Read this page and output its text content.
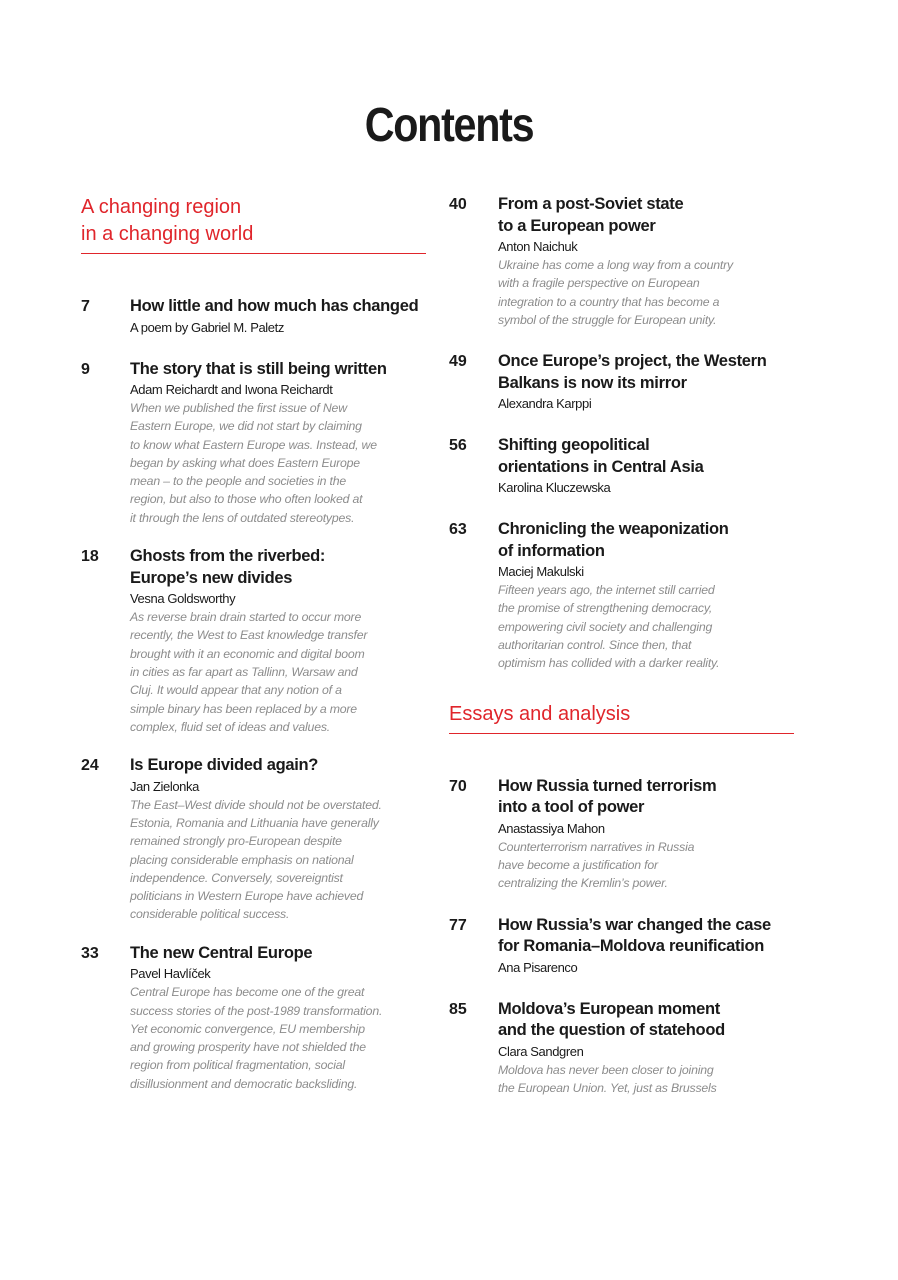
Contents
A changing region
in a changing world
7 How little and how much has changed
A poem by Gabriel M. Paletz
9 The story that is still being written
Adam Reichardt and Iwona Reichardt
When we published the first issue of New
Eastern Europe, we did not start by claiming
to know what Eastern Europe was. Instead, we
began by asking what does Eastern Europe
mean – to the people and societies in the
region, but also to those who often looked at
it through the lens of outdated stereotypes.
18 Ghosts from the riverbed:
Europe’s new divides
Vesna Goldsworthy
As reverse brain drain started to occur more
recently, the West to East knowledge transfer
brought with it an economic and digital boom
in cities as far apart as Tallinn, Warsaw and
Cluj. It would appear that any notion of a
simple binary has been replaced by a more
complex, fluid set of ideas and values.
24 Is Europe divided again?
Jan Zielonka
The East–West divide should not be overstated.
Estonia, Romania and Lithuania have generally
remained strongly pro-European despite
placing considerable emphasis on national
independence. Conversely, sovereigntist
politicians in Western Europe have achieved
considerable political success.
33 The new Central Europe
Pavel Havlíček
Central Europe has become one of the great
success stories of the post-1989 transformation.
Yet economic convergence, EU membership
and growing prosperity have not shielded the
region from political fragmentation, social
disillusionment and democratic backsliding.
40 From a post-Soviet state
to a European power
Anton Naichuk
Ukraine has come a long way from a country
with a fragile perspective on European
integration to a country that has become a
symbol of the struggle for European unity.
49 Once Europe’s project, the Western
Balkans is now its mirror
Alexandra Karppi
56 Shifting geopolitical
orientations in Central Asia
Karolina Kluczewska
63 Chronicling the weaponization
of information
Maciej Makulski
Fifteen years ago, the internet still carried
the promise of strengthening democracy,
empowering civil society and challenging
authoritarian control. Since then, that
optimism has collided with a darker reality.
Essays and analysis
70 How Russia turned terrorism
into a tool of power
Anastassiya Mahon
Counterterrorism narratives in Russia
have become a justification for
centralizing the Kremlin’s power.
77 How Russia’s war changed the case
for Romania–Moldova reunification
Ana Pisarenco
85 Moldova’s European moment
and the question of statehood
Clara Sandgren
Moldova has never been closer to joining
the European Union. Yet, just as Brussels
